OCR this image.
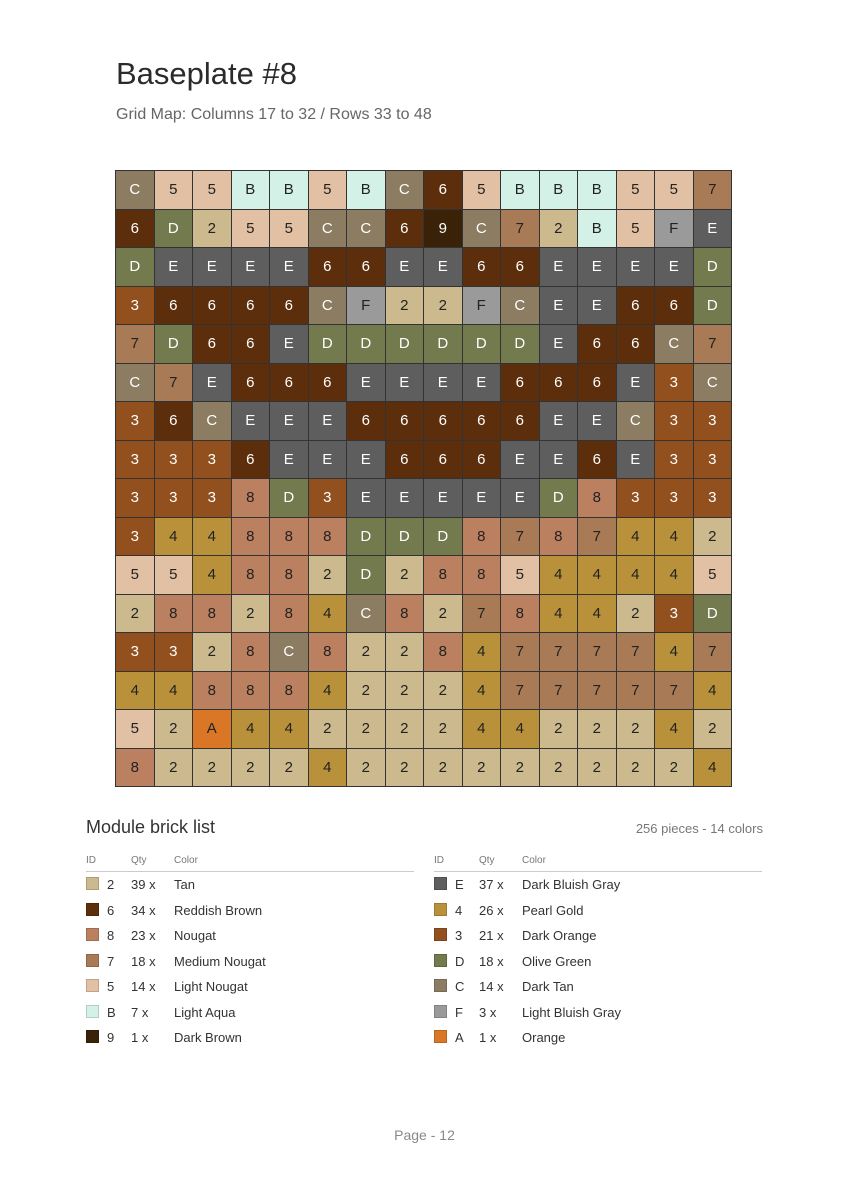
Baseplate #8
Grid Map: Columns 17 to 32 / Rows 33 to 48
C	5	5	B	B	5	B	C	6	5	B	B	B	5	5	7
6	D	2	5	5	C	C	6	9	C	7	2	B	5	F	E
D	E	E	E	E	6	6	E	E	6	6	E	E	E	E	D
3	6	6	6	6	C	F	2	2	F	C	E	E	6	6	D
7	D	6	6	E	D	D	D	D	D	D	E	6	6	C	7
C	7	E	6	6	6	E	E	E	E	6	6	6	E	3	C
3	6	C	E	E	E	6	6	6	6	6	E	E	C	3	3
3	3	3	6	E	E	E	6	6	6	E	E	6	E	3	3
3	3	3	8	D	3	E	E	E	E	E	D	8	3	3	3
3	4	4	8	8	8	D	D	D	8	7	8	7	4	4	2
5	5	4	8	8	2	D	2	8	8	5	4	4	4	4	5
2	8	8	2	8	4	C	8	2	7	8	4	4	2	3	D
3	3	2	8	C	8	2	2	8	4	7	7	7	7	4	7
4	4	8	8	8	4	2	2	2	4	7	7	7	7	7	4
5	2	A	4	4	2	2	2	2	4	4	2	2	2	4	2
8	2	2	2	2	4	2	2	2	2	2	2	2	2	2	4
Module brick list	256 pieces - 14 colors
ID	Qty	Color
2 39 x Tan
6 34 x Reddish Brown
8 23 x Nougat
7 18 x Medium Nougat
5 14 x Light Nougat
B 7 x Light Aqua
9 1 x Dark Brown
ID	Qty	Color
E 37 x Dark Bluish Gray
4 26 x Pearl Gold
3 21 x Dark Orange
D 18 x Olive Green
C 14 x Dark Tan
F 3 x Light Bluish Gray
A 1 x Orange
Page - 12
